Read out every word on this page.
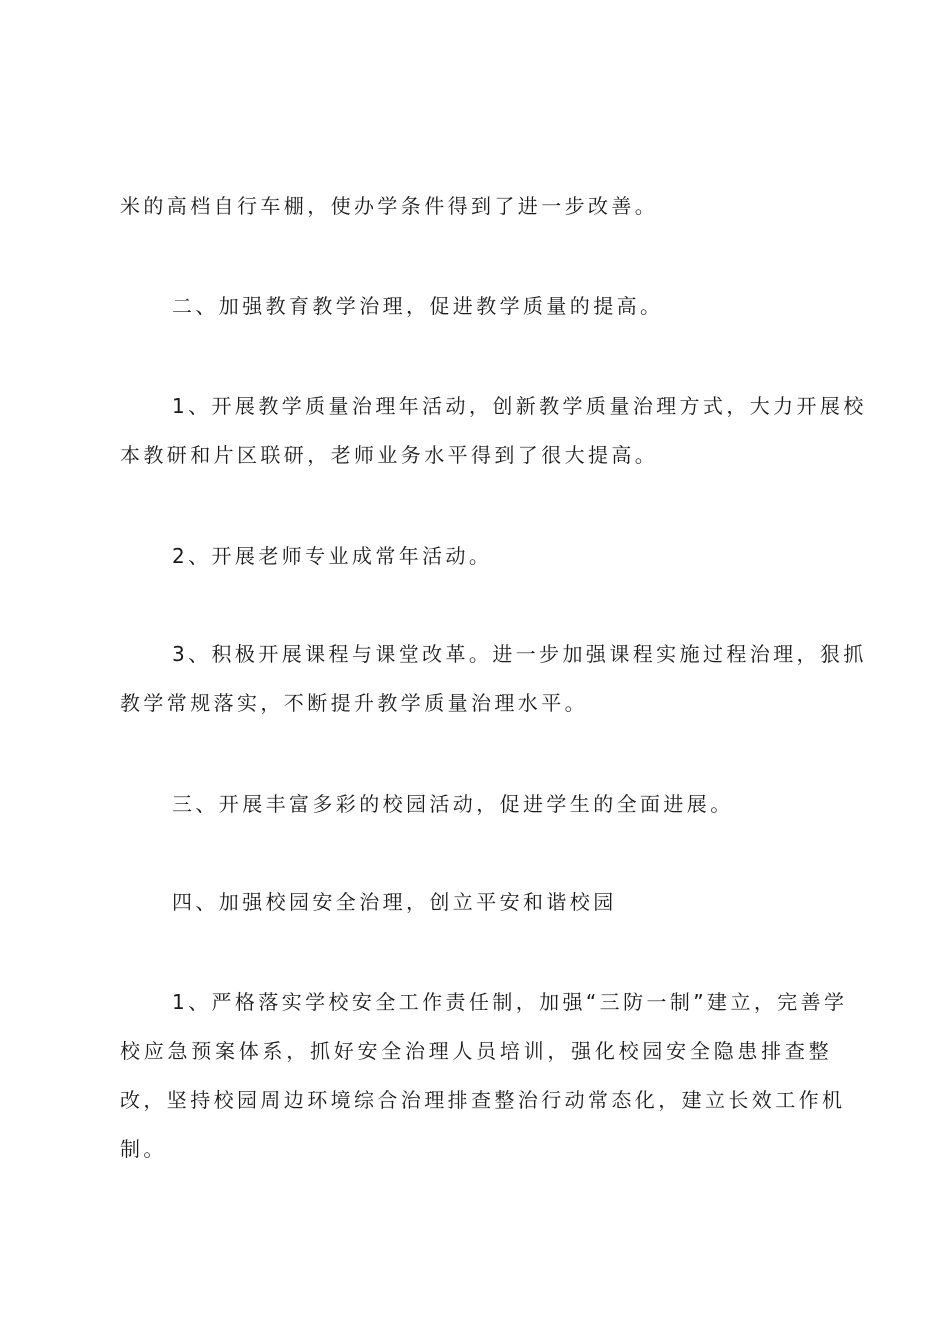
米的高档自行车棚，使办学条件得到了进一步改善。
二、加强教育教学治理，促进教学质量的提高。
1、开展教学质量治理年活动，创新教学质量治理方式，大力开展校
本教研和片区联研，老师业务水平得到了很大提高。
2、开展老师专业成常年活动。
3、积极开展课程与课堂改革。进一步加强课程实施过程治理，狠抓
教学常规落实，不断提升教学质量治理水平。
三、开展丰富多彩的校园活动，促进学生的全面进展。
四、加强校园安全治理，创立平安和谐校园
1、严格落实学校安全工作责任制，加强“三防一制”建立，完善学
校应急预案体系，抓好安全治理人员培训，强化校园安全隐患排查整
改，坚持校园周边环境综合治理排查整治行动常态化，建立长效工作机
制。
